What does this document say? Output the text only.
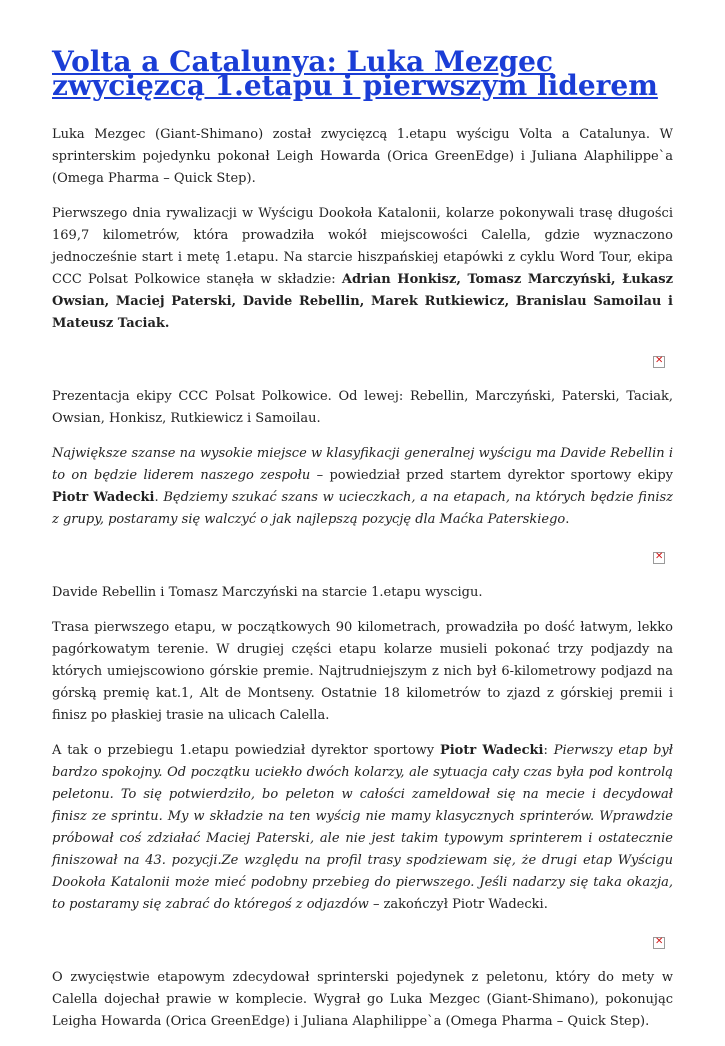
Volta a Catalunya: Luka Mezgec zwycięzcą 1.etapu i pierwszym liderem

Luka Mezgec (Giant-Shimano) został zwycięzcą 1.etapu wyścigu Volta a Catalunya. W sprinterskim pojedynku pokonał Leigh Howarda (Orica GreenEdge) i Juliana Alaphilippe`a (Omega Pharma – Quick Step).

Pierwszego dnia rywalizacji w Wyścigu Dookoła Katalonii, kolarze pokonywali trasę długości 169,7 kilometrów, która prowadziła wokół miejscowości Calella, gdzie wyznaczono jednocześnie start i metę 1.etapu. Na starcie hiszpańskiej etapówki z cyklu Word Tour, ekipa CCC Polsat Polkowice stanęła w składzie: Adrian Honkisz, Tomasz Marczyński, Łukasz Owsian, Maciej Paterski, Davide Rebellin, Marek Rutkiewicz, Branislau Samoilau i Mateusz Taciak.

✕

Prezentacja ekipy CCC Polsat Polkowice. Od lewej: Rebellin, Marczyński, Paterski, Taciak, Owsian, Honkisz, Rutkiewicz i Samoilau.

Największe szanse na wysokie miejsce w klasyfikacji generalnej wyścigu ma Davide Rebellin i to on będzie liderem naszego zespołu – powiedział przed startem dyrektor sportowy ekipy Piotr Wadecki. Będziemy szukać szans w ucieczkach, a na etapach, na których będzie finisz z grupy, postaramy się walczyć o jak najlepszą pozycję dla Maćka Paterskiego.

✕

Davide Rebellin i Tomasz Marczyński na starcie 1.etapu wyscigu.

Trasa pierwszego etapu, w początkowych 90 kilometrach, prowadziła po dość łatwym, lekko pagórkowatym terenie. W drugiej części etapu kolarze musieli pokonać trzy podjazdy na których umiejscowiono górskie premie. Najtrudniejszym z nich był 6-kilometrowy podjazd na górską premię kat.1, Alt de Montseny. Ostatnie 18 kilometrów to zjazd z górskiej premii i finisz po płaskiej trasie na ulicach Calella.

A tak o przebiegu 1.etapu powiedział dyrektor sportowy Piotr Wadecki: Pierwszy etap był bardzo spokojny. Od początku uciekło dwóch kolarzy, ale sytuacja cały czas była pod kontrolą peletonu. To się potwierdziło, bo peleton w całości zameldował się na mecie i decydował finisz ze sprintu. My w składzie na ten wyścig nie mamy klasycznych sprinterów. Wprawdzie próbował coś zdziałać Maciej Paterski, ale nie jest takim typowym sprinterem i ostatecznie finiszował na 43. pozycji.Ze względu na profil trasy spodziewam się, że drugi etap Wyścigu Dookoła Katalonii może mieć podobny przebieg do pierwszego. Jeśli nadarzy się taka okazja, to postaramy się zabrać do któregoś z odjazdów – zakończył Piotr Wadecki.

✕

O zwycięstwie etapowym zdecydował sprinterski pojedynek z peletonu, który do mety w Calella dojechał prawie w komplecie. Wygrał go Luka Mezgec (Giant-Shimano), pokonując Leigha Howarda (Orica GreenEdge) i Juliana Alaphilippe`a (Omega Pharma – Quick Step).
